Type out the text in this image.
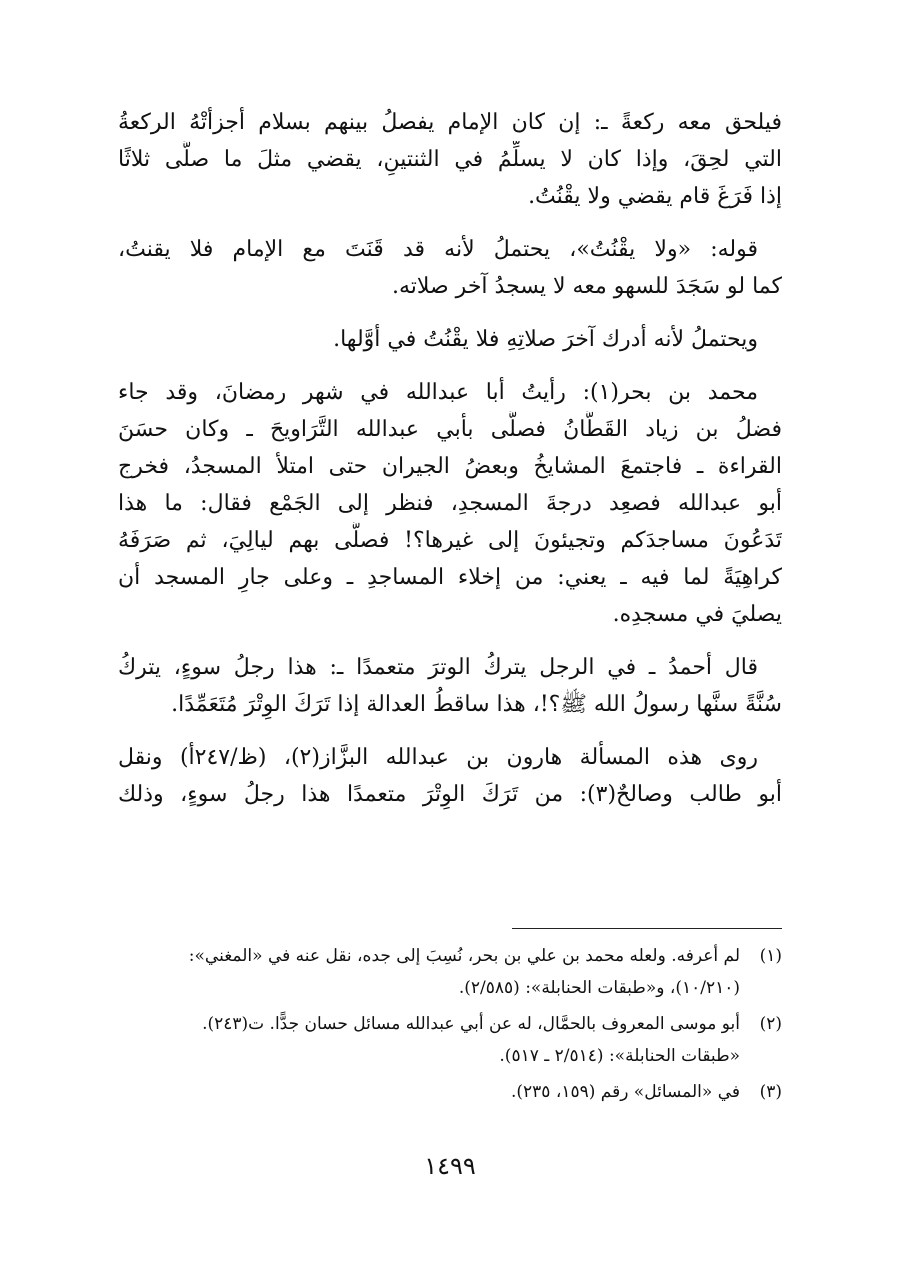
فيلحق معه ركعةً ـ: إن كان الإمام يفصلُ بينهم بسلام أجزأتْهُ الركعةُ
التي لحِقَ، وإذا كان لا يسلِّمُ في الثنتينِ، يقضي مثلَ ما صلَّى ثلاثًا
إذا فَرَغَ قام يقضي ولا يقْنُتُ.

قوله: «ولا يقْنُتُ»، يحتملُ لأنه قد قَنَتَ مع الإمام فلا يقنتُ،
كما لو سَجَدَ للسهو معه لا يسجدُ آخر صلاته.

ويحتملُ لأنه أدرك آخرَ صلاتِهِ فلا يقْنُتُ في أوَّلها.

محمد بن بحر(١): رأيتُ أبا عبدالله في شهر رمضانَ، وقد جاء
فضلُ بن زياد القَطَّانُ فصلَّى بأبي عبدالله التَّرَاويحَ ـ وكان حسَنَ
القراءة ـ فاجتمعَ المشايخُ وبعضُ الجيران حتى امتلأ المسجدُ، فخرج
أبو عبدالله فصعِد درجةَ المسجدِ، فنظر إلى الجَمْع فقال: ما هذا
تَدَعُونَ مساجدَكم وتجيئونَ إلى غيرها؟! فصلَّى بهم ليالِيَ، ثم صَرَفَهُ
كراهِيَةً لما فيه ـ يعني: من إخلاء المساجدِ ـ وعلى جارِ المسجد أن
يصليَ في مسجدِه.

قال أحمدُ ـ في الرجل يتركُ الوترَ متعمدًا ـ: هذا رجلُ سوءٍ، يتركُ
سُنَّةً سنَّها رسولُ الله ﷺ؟!، هذا ساقطُ العدالة إذا تَرَكَ الوِتْرَ مُتَعَمِّدًا.

روى هذه المسألة هارون بن عبدالله البزَّاز(٢)، (ظ/٢٤٧أ) ونقل
أبو طالب وصالحٌ(٣): من تَرَكَ الوِتْرَ متعمدًا هذا رجلُ سوءٍ، وذلك

(١)
لم أعرفه. ولعله محمد بن علي بن بحر، نُسِبَ إلى جده، نقل عنه في «المغني»:
(١٠/٢١٠)، و«طبقات الحنابلة»: (٢/٥٨٥).
(٢)
أبو موسى المعروف بالحمَّال، له عن أبي عبدالله مسائل حسان جدًّا. ت(٢٤٣).
«طبقات الحنابلة»: (٢/٥١٤ ـ ٥١٧).
(٣)
في «المسائل» رقم (١٥٩، ٢٣٥).
١٤٩٩
